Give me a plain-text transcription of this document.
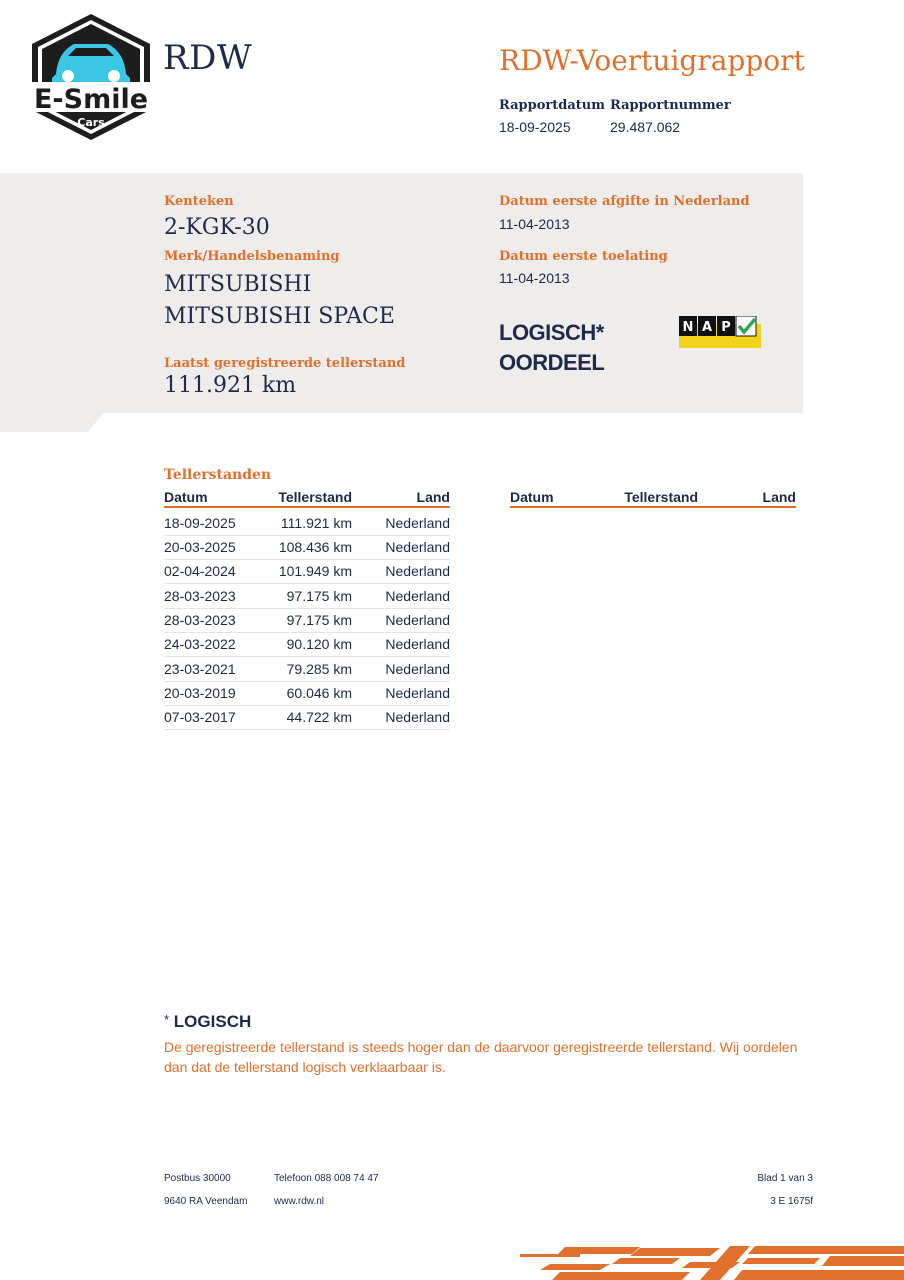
E-Smile
Cars
RDW	RDW-Voertuigrapport
Rapportdatum
18-09-2025
Rapportnummer
29.487.062
Kenteken
2-KGK-30
Merk/Handelsbenaming
MITSUBISHI
MITSUBISHI SPACE
Laatst geregistreerde tellerstand
111.921 km
Datum eerste afgifte in Nederland
11-04-2013
Datum eerste toelating
11-04-2013
LOGISCH*
OORDEEL
N A P
Tellerstanden
Datum	Tellerstand	Land	Datum	Tellerstand	Land
18-09-2025	111.921 km Nederland
20-03-2025	108.436 km Nederland
02-04-2024	101.949 km Nederland
28-03-2023	97.175 km Nederland
28-03-2023	97.175 km Nederland
24-03-2022	90.120 km Nederland
23-03-2021	79.285 km Nederland
20-03-2019	60.046 km Nederland
07-03-2017	44.722 km Nederland
* LOGISCH
De geregistreerde tellerstand is steeds hoger dan de daarvoor geregistreerde tellerstand. Wij oordelen dan dat de tellerstand logisch verklaarbaar is.
Postbus 30000
9640 RA Veendam
Telefoon 088 008 74 47
www.rdw.nl
Blad 1 van 3
3 E 1675f
